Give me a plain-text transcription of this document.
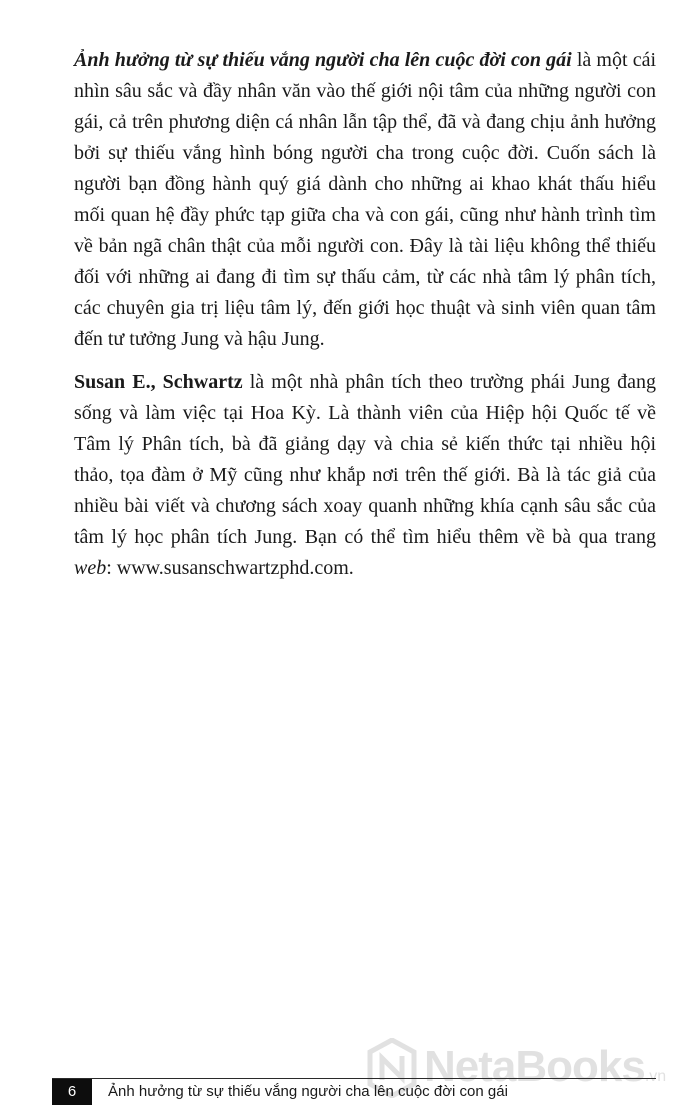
Ảnh hưởng từ sự thiếu vắng người cha lên cuộc đời con gái là một cái nhìn sâu sắc và đầy nhân văn vào thế giới nội tâm của những người con gái, cả trên phương diện cá nhân lẫn tập thể, đã và đang chịu ảnh hưởng bởi sự thiếu vắng hình bóng người cha trong cuộc đời. Cuốn sách là người bạn đồng hành quý giá dành cho những ai khao khát thấu hiểu mối quan hệ đầy phức tạp giữa cha và con gái, cũng như hành trình tìm về bản ngã chân thật của mỗi người con. Đây là tài liệu không thể thiếu đối với những ai đang đi tìm sự thấu cảm, từ các nhà tâm lý phân tích, các chuyên gia trị liệu tâm lý, đến giới học thuật và sinh viên quan tâm đến tư tưởng Jung và hậu Jung.

Susan E., Schwartz là một nhà phân tích theo trường phái Jung đang sống và làm việc tại Hoa Kỳ. Là thành viên của Hiệp hội Quốc tế về Tâm lý Phân tích, bà đã giảng dạy và chia sẻ kiến thức tại nhiều hội thảo, tọa đàm ở Mỹ cũng như khắp nơi trên thế giới. Bà là tác giả của nhiều bài viết và chương sách xoay quanh những khía cạnh sâu sắc của tâm lý học phân tích Jung. Bạn có thể tìm hiểu thêm về bà qua trang web: www.susanschwartzphd.com.

NetaBooks.vn
6	Ảnh hưởng từ sự thiếu vắng người cha lên cuộc đời con gái
